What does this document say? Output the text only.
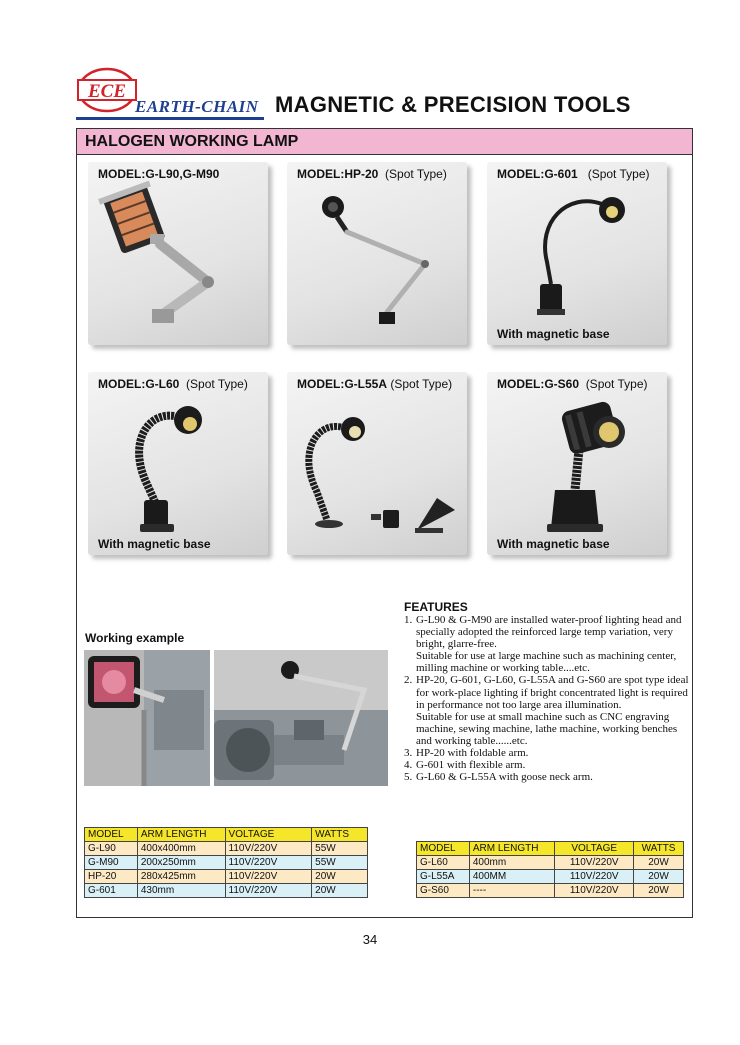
ECE
EARTH-CHAIN MAGNETIC & PRECISION TOOLS
HALOGEN WORKING LAMP
MODEL:G-L90,G-M90	MODEL:HP-20 (Spot Type)	MODEL:G-601 (Spot Type)
With magnetic base
MODEL:G-L60 (Spot Type)
With magnetic base
MODEL:G-L55A (Spot Type)	MODEL:G-S60 (Spot Type)
With magnetic base
Working example
FEATURES
1. G-L90 & G-M90 are installed water-proof lighting head and specially adopted the reinforced large temp variation, very bright, glarre-free.
Suitable for use at large machine such as machining center, milling machine or working table....etc.
2. HP-20, G-601, G-L60, G-L55A and G-S60 are spot type ideal for work-place lighting if bright concentrated light is required in performance not too large area illumination.
Suitable for use at small machine such as CNC engraving machine, sewing machine, lathe machine, working benches and working table......etc.
3. HP-20 with foldable arm.
4. G-601 with flexible arm.
5. G-L60 & G-L55A with goose neck arm.
MODEL	ARM LENGTH	VOLTAGE	WATTS
G-L90	400x400mm	110V/220V	55W
G-M90	200x250mm	110V/220V	55W
HP-20	280x425mm	110V/220V	20W
G-601	430mm	110V/220V	20W
MODEL	ARM LENGTH	VOLTAGE	WATTS
G-L60	400mm	110V/220V	20W
G-L55A	400MM	110V/220V	20W
G-S60	----	110V/220V	20W
34
